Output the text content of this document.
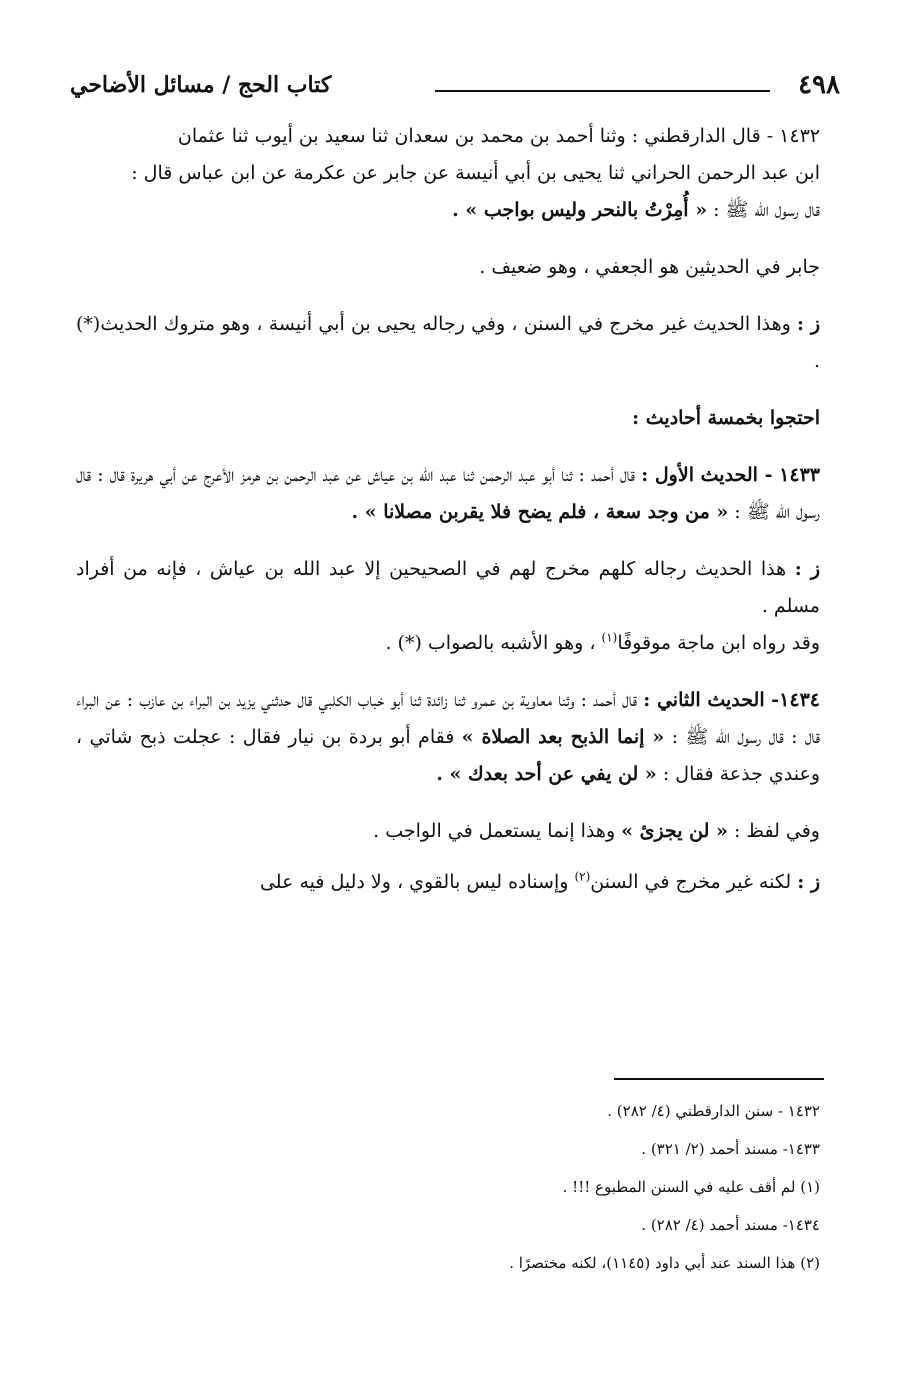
٤٩٨
كتاب الحج / مسائل الأضاحي

١٤٣٢ - قال الدارقطني : وثنا أحمد بن محمد بن سعدان ثنا سعيد بن أيوب ثنا عثمان
ابن عبد الرحمن الحراني ثنا يحيى بن أبي أنيسة عن جابر عن عكرمة عن ابن عباس قال :
قال رسول الله ﷺ : « أُمِرْتُ بالنحر وليس بواجب » .

جابر في الحديثين هو الجعفي ، وهو ضعيف .

ز : وهذا الحديث غير مخرج في السنن ، وفي رجاله يحيى بن أبي أنيسة ، وهو متروك الحديث(*) .

احتجوا بخمسة أحاديث :

١٤٣٣ - الحديث الأول : قال أحمد : ثنا أبو عبد الرحمن ثنا عبد الله بن عياش عن عبد الرحمن بن هرمز الأعرج عن أبي هريرة قال : قال رسول الله ﷺ : « من وجد سعة ، فلم يضح فلا يقربن مصلانا » .

ز : هذا الحديث رجاله كلهم مخرج لهم في الصحيحين إلا عبد الله بن عياش ، فإنه من أفراد مسلم .
وقد رواه ابن ماجة موقوفًا$^{(١)}$ ، وهو الأشبه بالصواب (*) .

١٤٣٤- الحديث الثاني : قال أحمد : وثنا معاوية بن عمرو ثنا زائدة ثنا أبو خباب الكلبي قال حدثني يزيد بن البراء بن عازب : عن البراء قال : قال رسول الله ﷺ : « إنما الذبح بعد الصلاة » فقام أبو بردة بن نيار فقال : عجلت ذبح شاتي ، وعندي جذعة فقال : « لن يفي عن أحد بعدك » .

وفي لفظ : « لن يجزئ » وهذا إنما يستعمل في الواجب .

ز : لكنه غير مخرج في السنن$^{(٢)}$ وإسناده ليس بالقوي ، ولا دليل فيه على

١٤٣٢ - سنن الدارقطني (٤/ ٢٨٢) .
١٤٣٣- مسند أحمد (٢/ ٣٢١) .
(١) لم أقف عليه في السنن المطبوع !!! .
١٤٣٤- مسند أحمد (٤/ ٢٨٢) .
(٢) هذا السند عند أبي داود (١١٤٥)، لكنه مختصرًا .
